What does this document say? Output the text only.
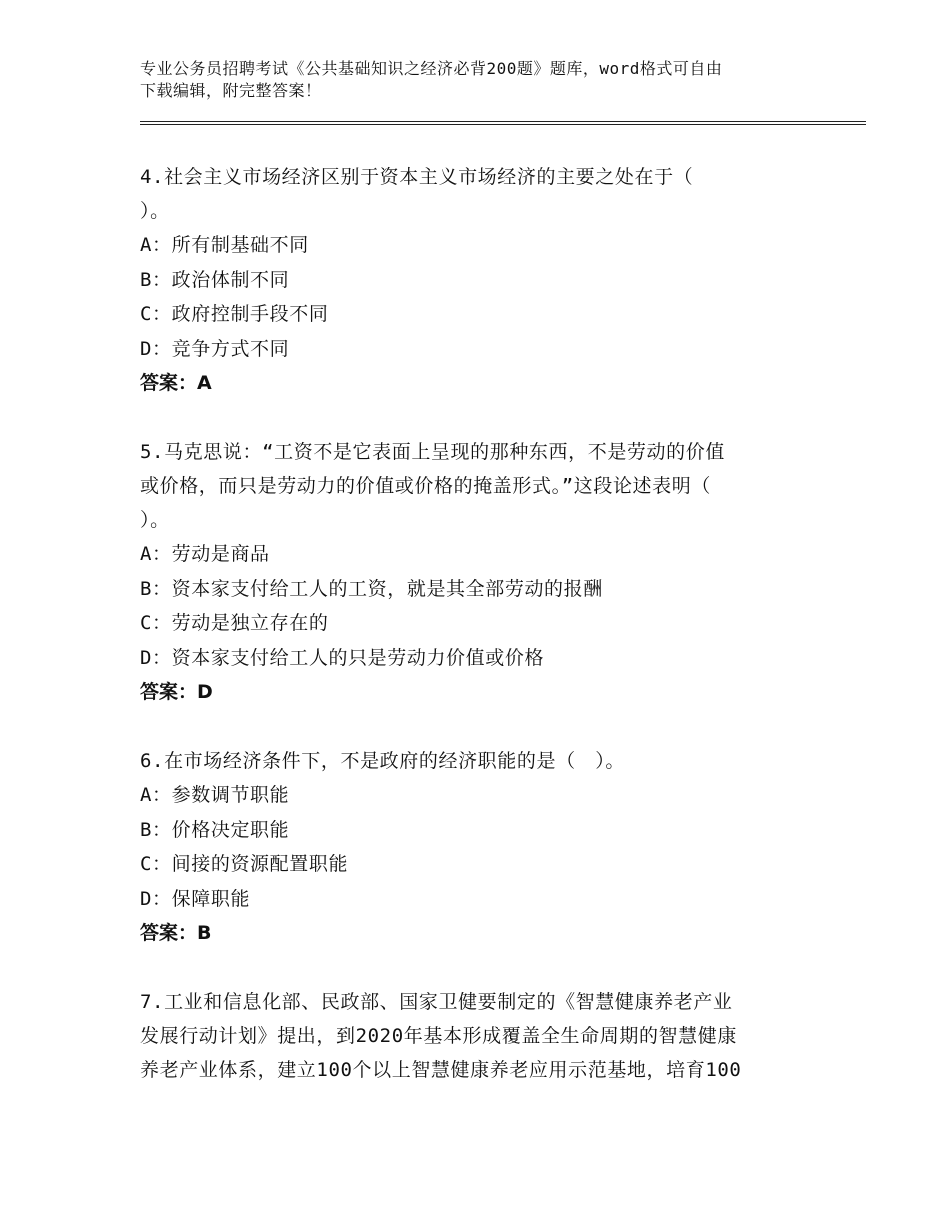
专业公务员招聘考试《公共基础知识之经济必背200题》题库，word格式可自由
下载编辑，附完整答案！
4.社会主义市场经济区别于资本主义市场经济的主要之处在于（
）。
A：所有制基础不同
B：政治体制不同
C：政府控制手段不同
D：竞争方式不同
答案：A
5.马克思说：“工资不是它表面上呈现的那种东西，不是劳动的价值
或价格，而只是劳动力的价值或价格的掩盖形式。”这段论述表明（
）。
A：劳动是商品
B：资本家支付给工人的工资，就是其全部劳动的报酬
C：劳动是独立存在的
D：资本家支付给工人的只是劳动力价值或价格
答案：D
6.在市场经济条件下，不是政府的经济职能的是（　）。
A：参数调节职能
B：价格决定职能
C：间接的资源配置职能
D：保障职能
答案：B
7.工业和信息化部、民政部、国家卫健要制定的《智慧健康养老产业
发展行动计划》提出，到2020年基本形成覆盖全生命周期的智慧健康
养老产业体系，建立100个以上智慧健康养老应用示范基地，培育100
